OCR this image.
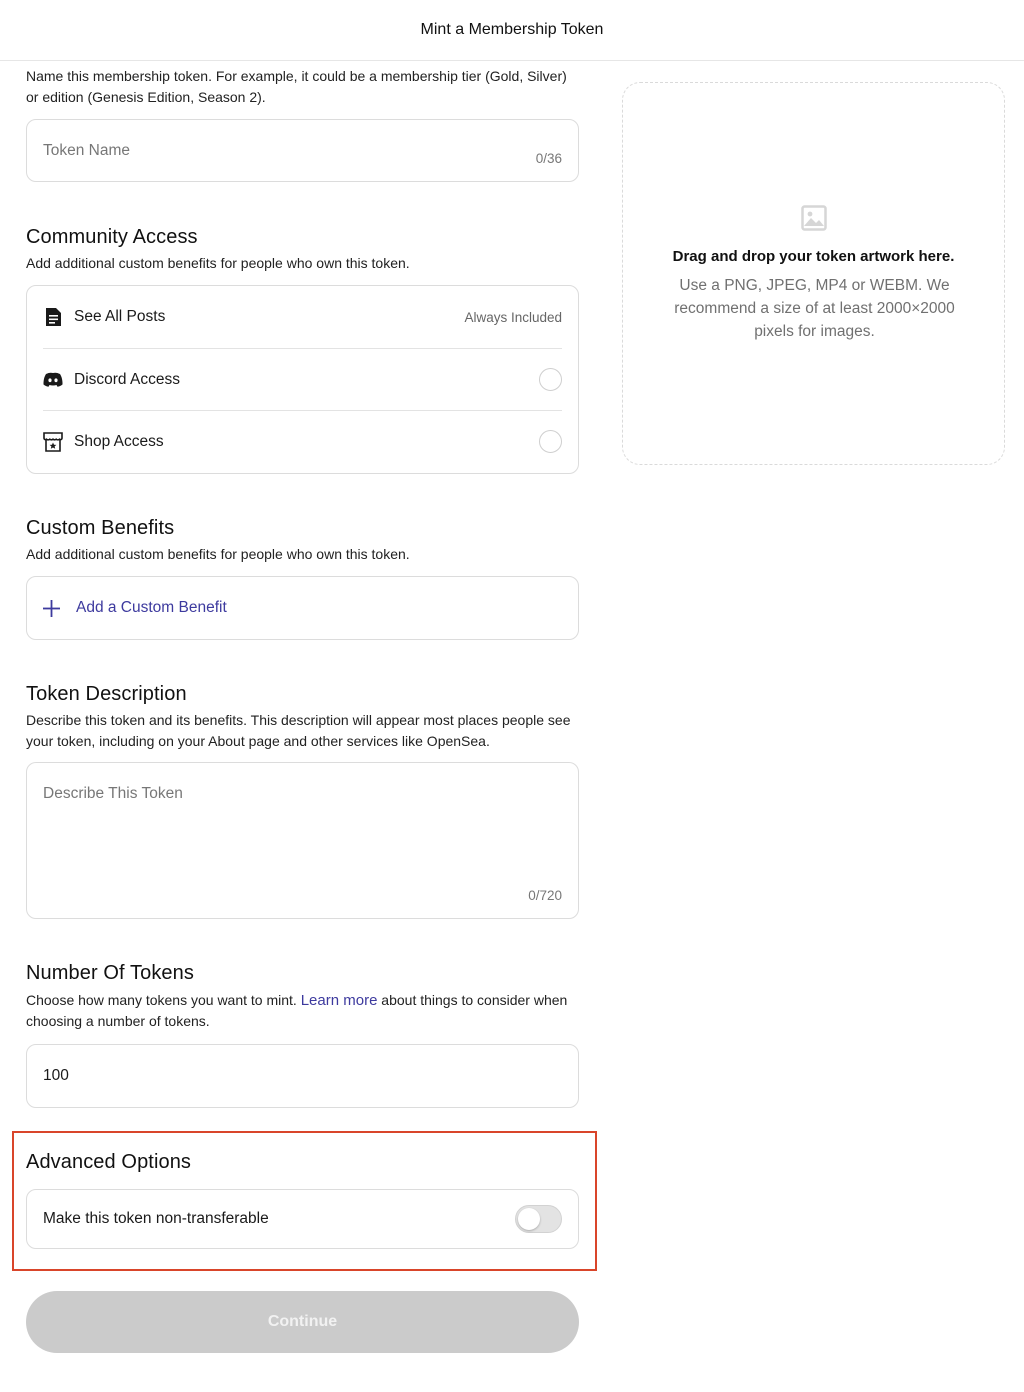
Mint a Membership Token
Drag and drop your token artwork here.
Use a PNG, JPEG, MP4 or WEBM. We recommend a size of at least 2000×2000 pixels for images.

Name this membership token. For example, it could be a membership tier (Gold, Silver) or edition (Genesis Edition, Season 2).

Token Name	0/36
Community Access

Add additional custom benefits for people who own this token.

See All Posts	Always Included
Discord Access
Shop Access
Custom Benefits

Add additional custom benefits for people who own this token.

Add a Custom Benefit
Token Description

Describe this token and its benefits. This description will appear most places people see your token, including on your About page and other services like OpenSea.

Describe This Token
0/720
Number Of Tokens

Choose how many tokens you want to mint. Learn more about things to consider when choosing a number of tokens.

100
Advanced Options
Make this token non-transferable
Continue
